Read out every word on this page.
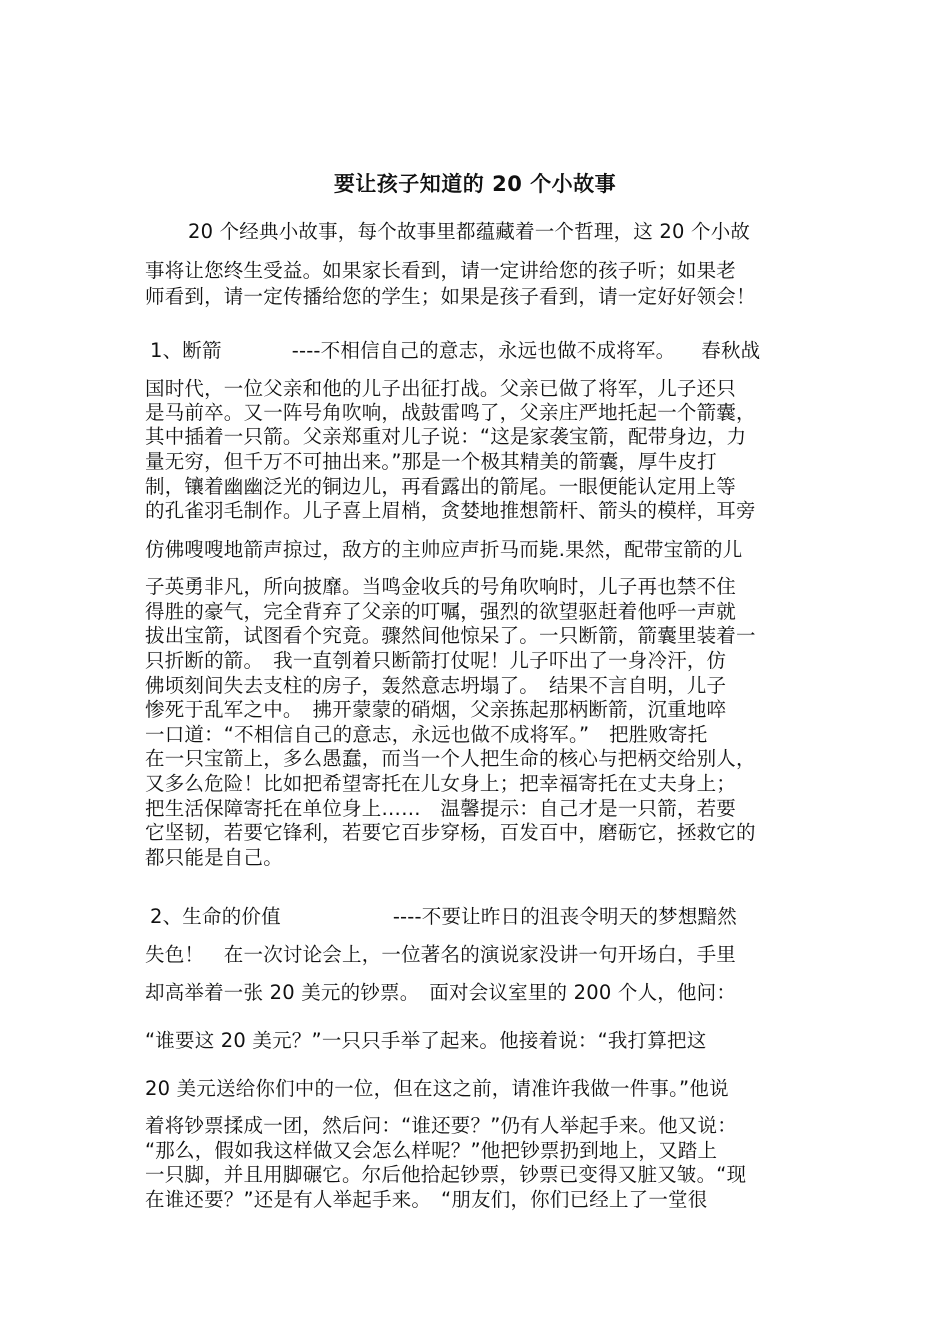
要让孩子知道的 20 个小故事
20 个经典小故事，每个故事里都蕴藏着一个哲理，这 20 个小故
事将让您终生受益。如果家长看到，请一定讲给您的孩子听；如果老
师看到，请一定传播给您的学生；如果是孩子看到，请一定好好领会！
1、断箭	----不相信自己的意志，永远也做不成将军。 春秋战
国时代，一位父亲和他的儿子出征打战。父亲已做了将军，儿子还只
是马前卒。又一阵号角吹响，战鼓雷鸣了，父亲庄严地托起一个箭囊，
其中插着一只箭。父亲郑重对儿子说：“这是家袭宝箭，配带身边，力
量无穷，但千万不可抽出来。”那是一个极其精美的箭囊，厚牛皮打
制，镶着幽幽泛光的铜边儿，再看露出的箭尾。一眼便能认定用上等
的孔雀羽毛制作。儿子喜上眉梢，贪婪地推想箭杆、箭头的模样，耳旁
仿佛嗖嗖地箭声掠过，敌方的主帅应声折马而毙.果然，配带宝箭的儿
子英勇非凡，所向披靡。当鸣金收兵的号角吹响时，儿子再也禁不住
得胜的豪气，完全背弃了父亲的叮嘱，强烈的欲望驱赶着他呼一声就
拔出宝箭，试图看个究竟。骤然间他惊呆了。一只断箭，箭囊里装着一
只折断的箭。　我一直刳着只断箭打仗呢！儿子吓出了一身冷汗，仿
佛顷刻间失去支柱的房子，轰然意志坍塌了。　结果不言自明，儿子
惨死于乱军之中。　拂开蒙蒙的硝烟，父亲拣起那柄断箭，沉重地啐
一口道：“不相信自己的意志，永远也做不成将军。”　把胜败寄托
在一只宝箭上，多么愚蠢，而当一个人把生命的核心与把柄交给别人，
又多么危险！比如把希望寄托在儿女身上；把幸福寄托在丈夫身上；
把生活保障寄托在单位身上……　温馨提示：自己才是一只箭，若要
它坚韧，若要它锋利，若要它百步穿杨，百发百中，磨砺它，拯救它的
都只能是自己。
2、生命的价值	----不要让昨日的沮丧令明天的梦想黯然
失色！　在一次讨论会上，一位著名的演说家没讲一句开场白，手里
却高举着一张 20 美元的钞票。　面对会议室里的 200 个人，他问：
“谁要这 20 美元？”一只只手举了起来。他接着说：“我打算把这
20 美元送给你们中的一位，但在这之前，请准许我做一件事。”他说
着将钞票揉成一团，然后问：“谁还要？”仍有人举起手来。他又说：
“那么，假如我这样做又会怎么样呢？”他把钞票扔到地上，又踏上
一只脚，并且用脚碾它。尔后他拾起钞票，钞票已变得又脏又皱。“现
在谁还要？”还是有人举起手来。　“朋友们，你们已经上了一堂很
